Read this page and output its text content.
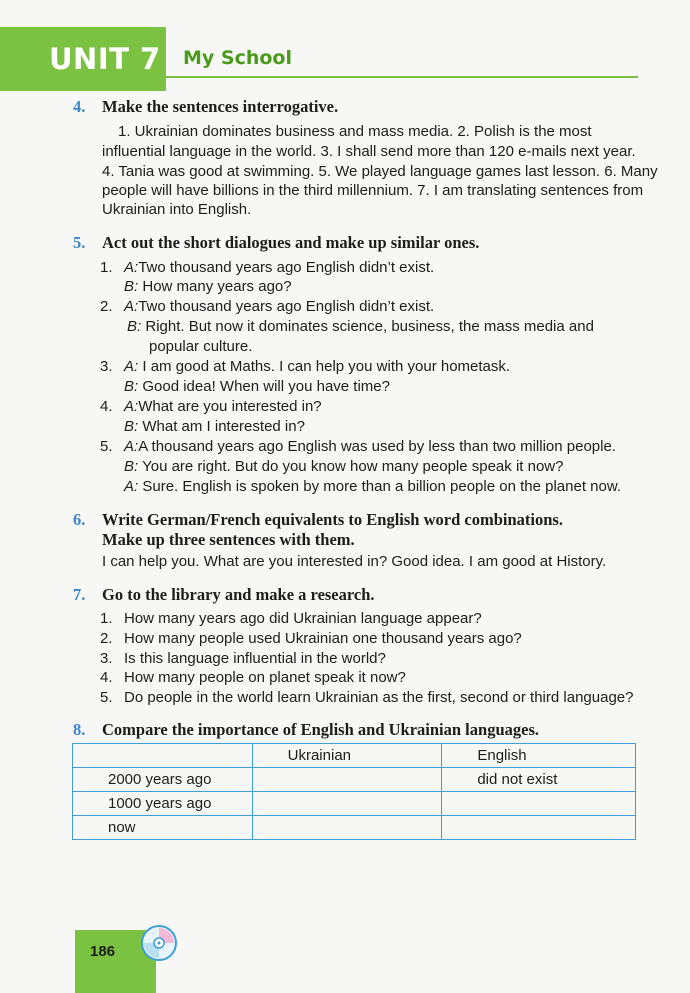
UNIT 7 My School
4. Make the sentences interrogative.
1. Ukrainian dominates business and mass media. 2. Polish is the most
influential language in the world. 3. I shall send more than 120 e-mails next year.
4. Tania was good at swimming. 5. We played language games last lesson. 6. Many
people will have billions in the third millennium. 7. I am translating sentences from
Ukrainian into English.
5. Act out the short dialogues and make up similar ones.
1. A:Two thousand years ago English didn’t exist.
B: How many years ago?
2. A:Two thousand years ago English didn’t exist.
B: Right. But now it dominates science, business, the mass media and
popular culture.
3. A: I am good at Maths. I can help you with your hometask.
B: Good idea! When will you have time?
4. A:What are you interested in?
B: What am I interested in?
5. A:A thousand years ago English was used by less than two million people.
B: You are right. But do you know how many people speak it now?
A: Sure. English is spoken by more than a billion people on the planet now.
6. Write German/French equivalents to English word combinations.
Make up three sentences with them.
I can help you. What are you interested in? Good idea. I am good at History.
7. Go to the library and make a research.
1. How many years ago did Ukrainian language appear?
2. How many people used Ukrainian one thousand years ago?
3. Is this language influential in the world?
4. How many people on planet speak it now?
5. Do people in the world learn Ukrainian as the first, second or third language?
8. Compare the importance of English and Ukrainian languages.
	Ukrainian	English
2000 years ago		did not exist
1000 years ago		
now		
186
